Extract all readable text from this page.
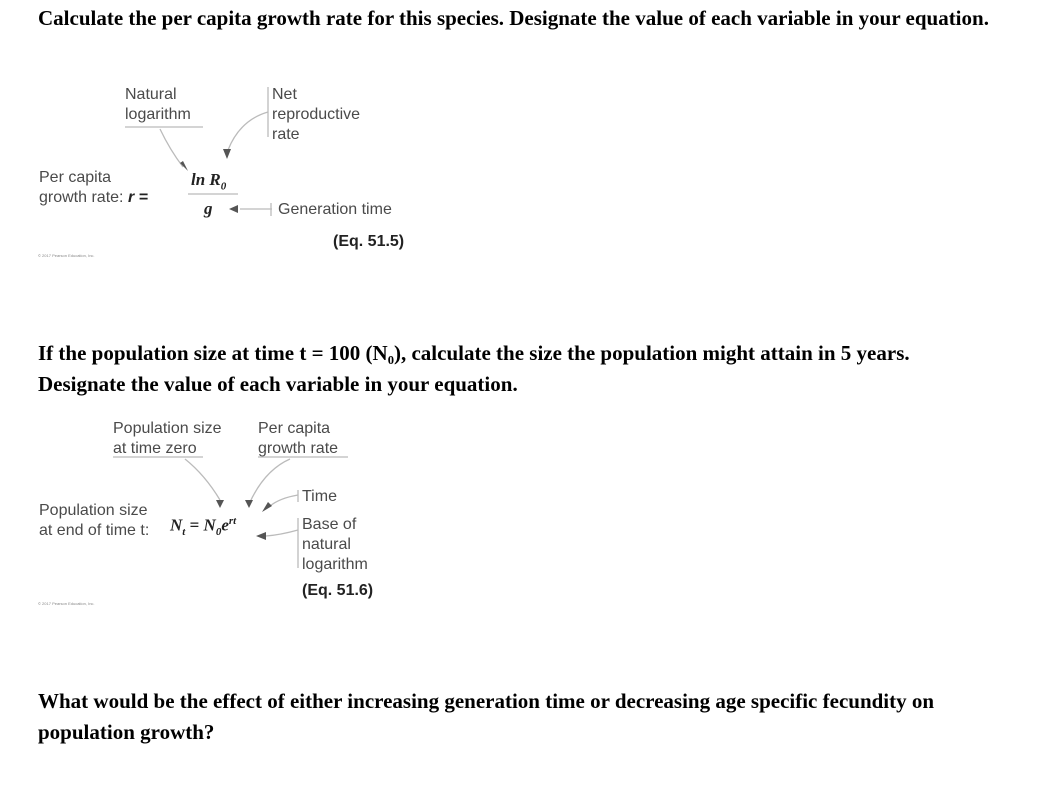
Calculate the per capita growth rate for this species. Designate the value of each variable in your equation.

Natural
logarithm
Net
reproductive
rate
Per capita
growth rate: r =
$\ln R_0$
g	Generation time
(Eq. 51.5)
© 2017 Pearson Education, Inc.

If the population size at time t = 100 (N₀), calculate the size the population might attain in 5 years. Designate the value of each variable in your equation.

Population size
at time zero
Per capita
growth rate
Population size
at end of time t: $N_t = N_0e^{rt}$
Time
Base of
natural
logarithm
(Eq. 51.6)
© 2017 Pearson Education, Inc.

What would be the effect of either increasing generation time or decreasing age specific fecundity on population growth?
